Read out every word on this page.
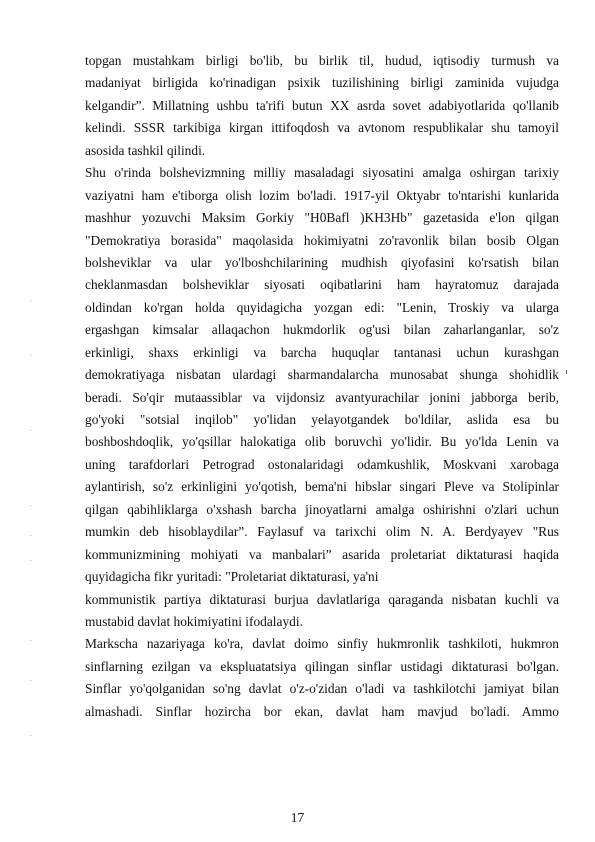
topgan mustahkam birligi bo'lib, bu birlik til, hudud, iqtisodiy turmush va
madaniyat birligida ko'rinadigan psixik tuzilishining birligi zaminida vujudga
kelgandir”. Millatning ushbu ta'rifi butun XX asrda sovet adabiyotlarida qo'llanib
kelindi. SSSR tarkibiga kirgan ittifoqdosh va avtonom respublikalar shu tamoyil
asosida tashkil qilindi.
Shu o'rinda bolshevizmning milliy masaladagi siyosatini amalga oshirgan tarixiy
vaziyatni ham e'tiborga olish lozim bo'ladi. 1917-yil Oktyabr to'ntarishi kunlarida
mashhur yozuvchi Maksim Gorkiy "H0Bafl )KH3Hb" gazetasida e'lon qilgan
"Demokratiya borasida" maqolasida hokimiyatni zo'ravonlik bilan bosib Olgan
bolsheviklar va ular yo'lboshchilarining mudhish qiyofasini ko'rsatish bilan
cheklanmasdan bolsheviklar siyosati oqibatlarini ham hayratomuz darajada
oldindan ko'rgan holda quyidagicha yozgan edi: "Lenin, Troskiy va ularga
ergashgan kimsalar allaqachon hukmdorlik og'usi bilan zaharlanganlar, so'z
erkinligi, shaxs erkinligi va barcha huquqlar tantanasi uchun kurashgan
demokratiyaga nisbatan ulardagi sharmandalarcha munosabat shunga shohidlik
beradi. So'qir mutaassiblar va vijdonsiz avantyurachilar jonini jabborga berib,
go'yoki "sotsial inqilob" yo'lidan yelayotgandek bo'ldilar, aslida esa bu
boshboshdoqlik, yo'qsillar halokatiga olib boruvchi yo'lidir. Bu yo'lda Lenin va
uning tarafdorlari Petrograd ostonalaridagi odamkushlik, Moskvani xarobaga
aylantirish, so'z erkinligini yo'qotish, bema'ni hibslar singari Pleve va Stolipinlar
qilgan qabihliklarga o'xshash barcha jinoyatlarni amalga oshirishni o'zlari uchun
mumkin deb hisoblaydilar”. Faylasuf va tarixchi olim N. A. Berdyayev "Rus
kommunizmining mohiyati va manbalari” asarida proletariat diktaturasi haqida
quyidagicha fikr yuritadi: "Proletariat diktaturasi, ya'ni
kommunistik partiya diktaturasi burjua davlatlariga qaraganda nisbatan kuchli va
mustabid davlat hokimiyatini ifodalaydi.
Markscha nazariyaga ko'ra, davlat doimo sinfiy hukmronlik tashkiloti, hukmron
sinflarning ezilgan va ekspluatatsiya qilingan sinflar ustidagi diktaturasi bo'lgan.
Sinflar yo'qolganidan so'ng davlat o'z-o'zidan o'ladi va tashkilotchi jamiyat bilan
almashadi. Sinflar hozircha bor ekan, davlat ham mavjud bo'ladi. Ammo
17
